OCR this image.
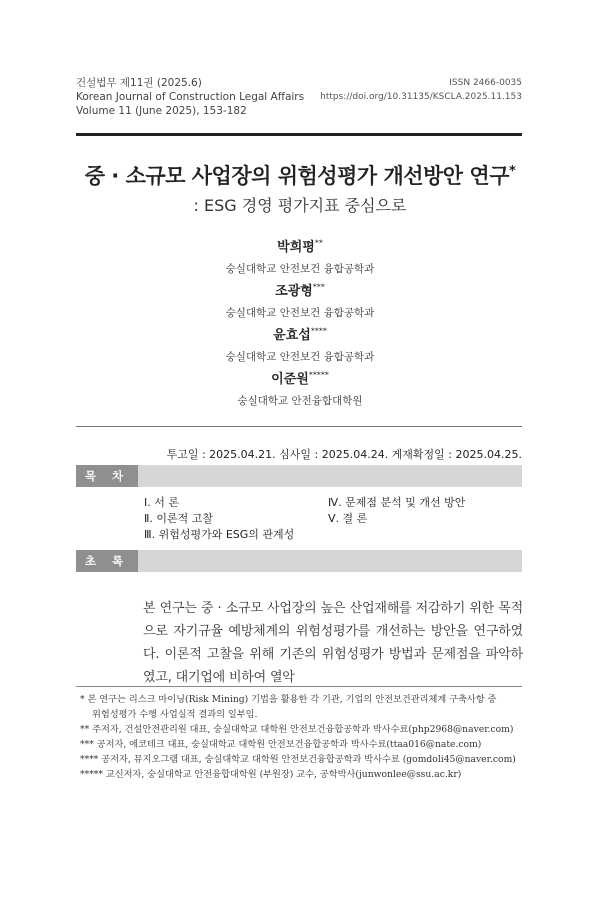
건설법무 제11권 (2025.6)
Korean Journal of Construction Legal Affairs
Volume 11 (June 2025), 153-182
ISSN 2466-0035
https://doi.org/10.31135/KSCLA.2025.11.153
중 · 소규모 사업장의 위험성평가 개선방안 연구*
: ESG 경영 평가지표 중심으로
박희평**
숭실대학교 안전보건 융합공학과
조광형***
숭실대학교 안전보건 융합공학과
윤효섭****
숭실대학교 안전보건 융합공학과
이준원*****
숭실대학교 안전융합대학원
투고일 : 2025.04.21. 심사일 : 2025.04.24. 게재확정일 : 2025.04.25.
목 차
Ⅰ. 서 론
Ⅱ. 이론적 고찰
Ⅲ. 위험성평가와 ESG의 관계성
Ⅳ. 문제점 분석 및 개선 방안
Ⅴ. 결 론
초 록
본 연구는 중 · 소규모 사업장의 높은 산업재해를 저감하기 위한 목적으로 자기규율 예방체계의 위험성평가를 개선하는 방안을 연구하였다. 이론적 고찰을 위해 기존의 위험성평가 방법과 문제점을 파악하였고, 대기업에 비하여 열악
* 본 연구는 리스크 마이닝(Risk Mining) 기법을 활용한 각 기관, 기업의 안전보건관리체계 구축사항 중
위험성평가 수행 사업실적 결과의 일부임.
** 주저자, 건설안전관리원 대표, 숭실대학교 대학원 안전보건융합공학과 박사수료(php2968@naver.com)
*** 공저자, 에코테크 대표, 숭실대학교 대학원 안전보건융합공학과 박사수료(ttaa016@nate.com)
**** 공저자, 뮤지오그램 대표, 숭실대학교 대학원 안전보건융합공학과 박사수료 (gomdoli45@naver.com)
***** 교신저자, 숭실대학교 안전융합대학원 (부원장) 교수, 공학박사(junwonlee@ssu.ac.kr)
